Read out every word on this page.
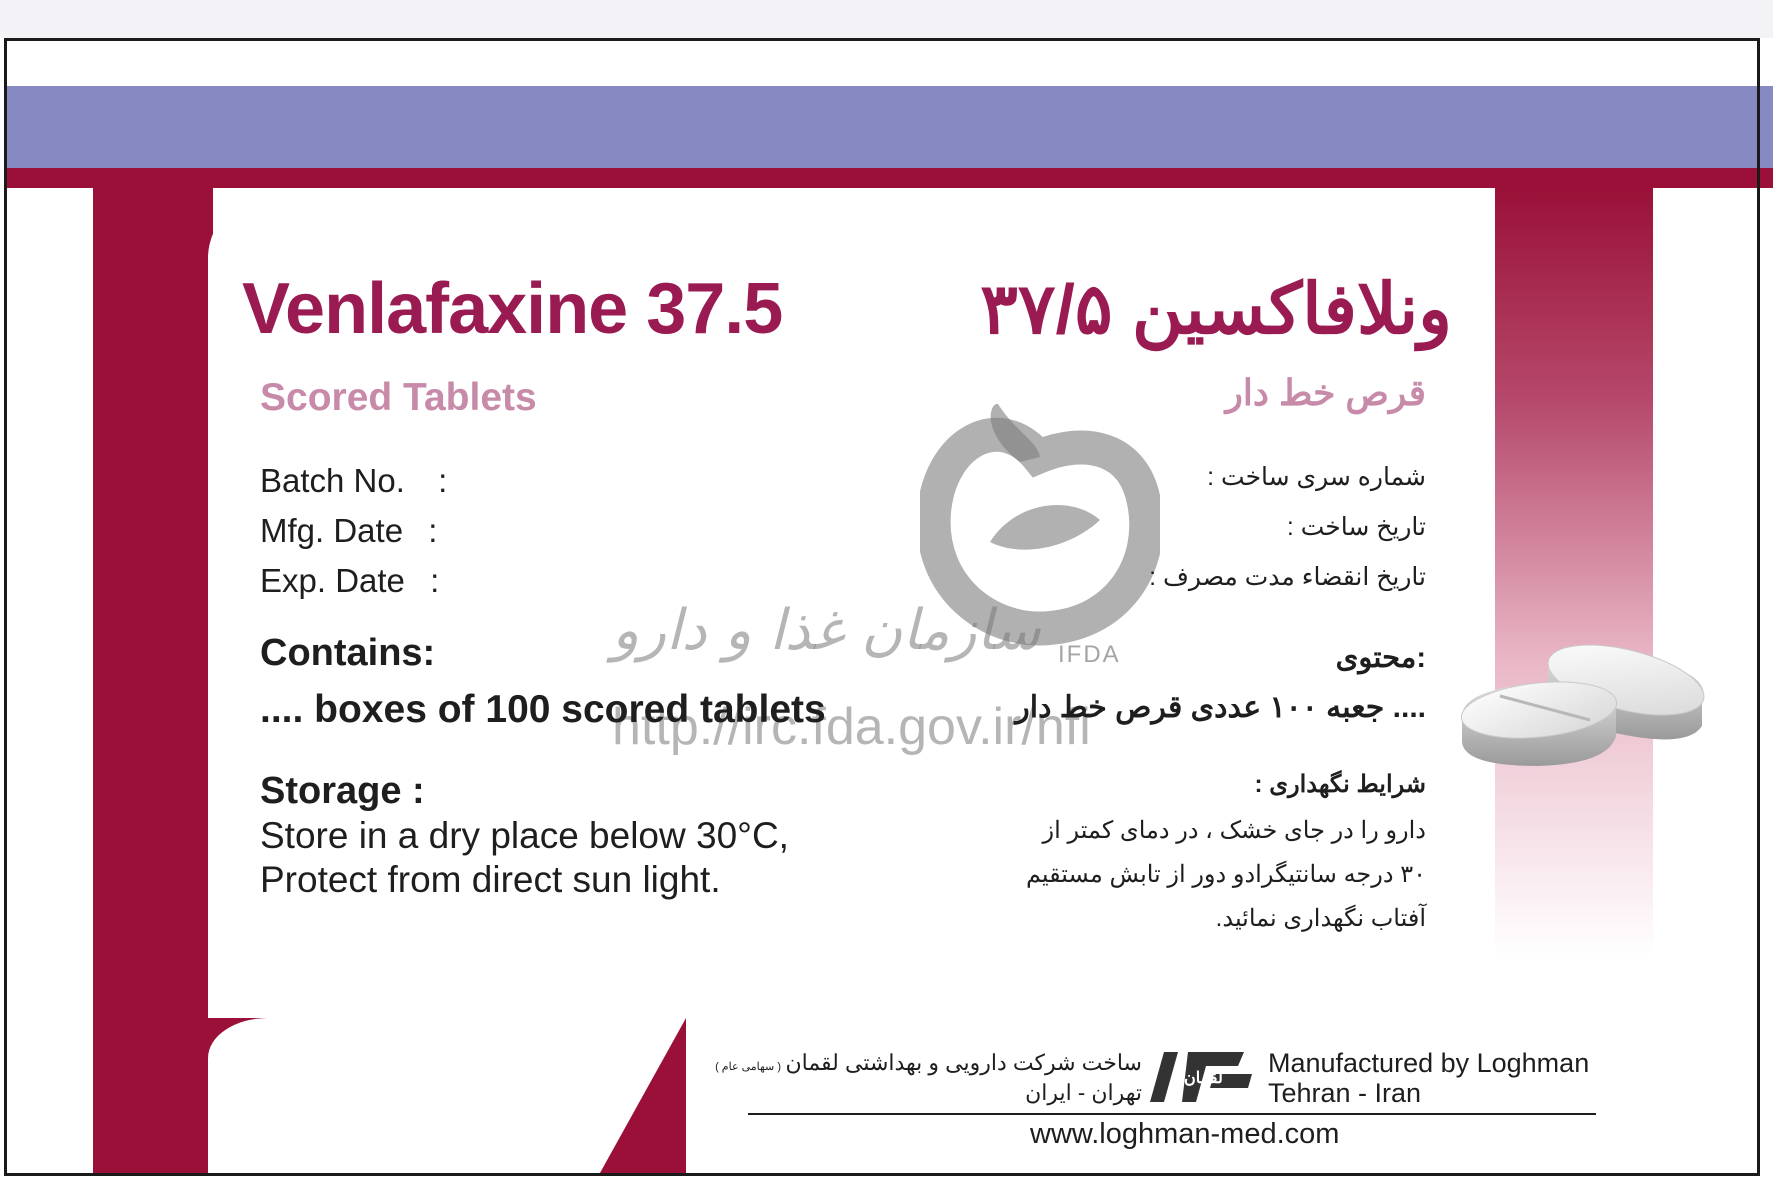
IFDA
Venlafaxine 37.5	ونلافاکسین ۳۷/۵
Scored Tablets	قرص خط دار
Batch No. :
Mfg. Date :
Exp. Date :
شماره سری ساخت :
تاریخ ساخت :
تاریخ انقضاء مدت مصرف :
سازمان غذا و دارو
http://irc.fda.gov.ir/nfi
Contains:
.... boxes of 100 scored tablets
محتوی:
.... جعبه ۱۰۰ عددی قرص خط دار
Storage :
Store in a dry place below 30°C,
Protect from direct sun light.
شرایط نگهداری :
دارو را در جای خشک ، در دمای کمتر از
۳۰ درجه سانتیگرادو دور از تابش مستقیم
آفتاب نگهداری نمائید.
ساخت شرکت دارویی و بهداشتی لقمان ( سهامی عام )
تهران - ایران
لقمان
Manufactured by Loghman
Tehran - Iran
www.loghman-med.com
